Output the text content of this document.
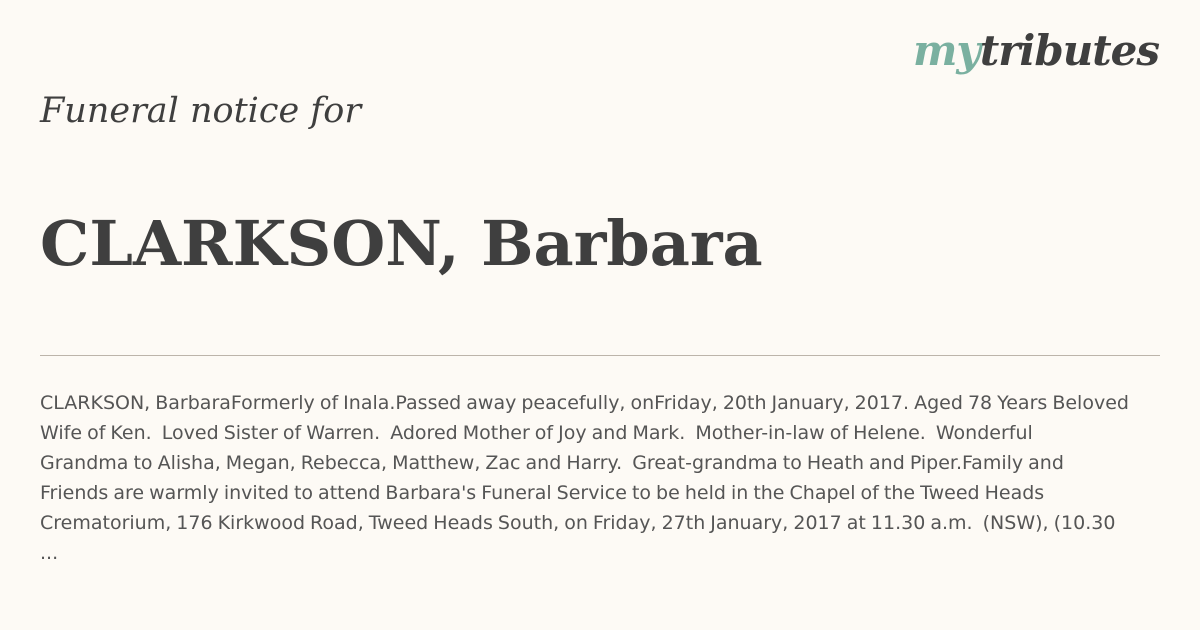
mytributes
Funeral notice for
CLARKSON, Barbara
CLARKSON, BarbaraFormerly of Inala.Passed away peacefully, onFriday, 20th January, 2017. Aged 78 Years Beloved
Wife of Ken.  Loved Sister of Warren.  Adored Mother of Joy and Mark.  Mother-in-law of Helene.  Wonderful
Grandma to Alisha, Megan, Rebecca, Matthew, Zac and Harry.  Great-grandma to Heath and Piper.Family and
Friends are warmly invited to attend Barbara's Funeral Service to be held in the Chapel of the Tweed Heads
Crematorium, 176 Kirkwood Road, Tweed Heads South, on Friday, 27th January, 2017 at 11.30 a.m.  (NSW), (10.30
...
